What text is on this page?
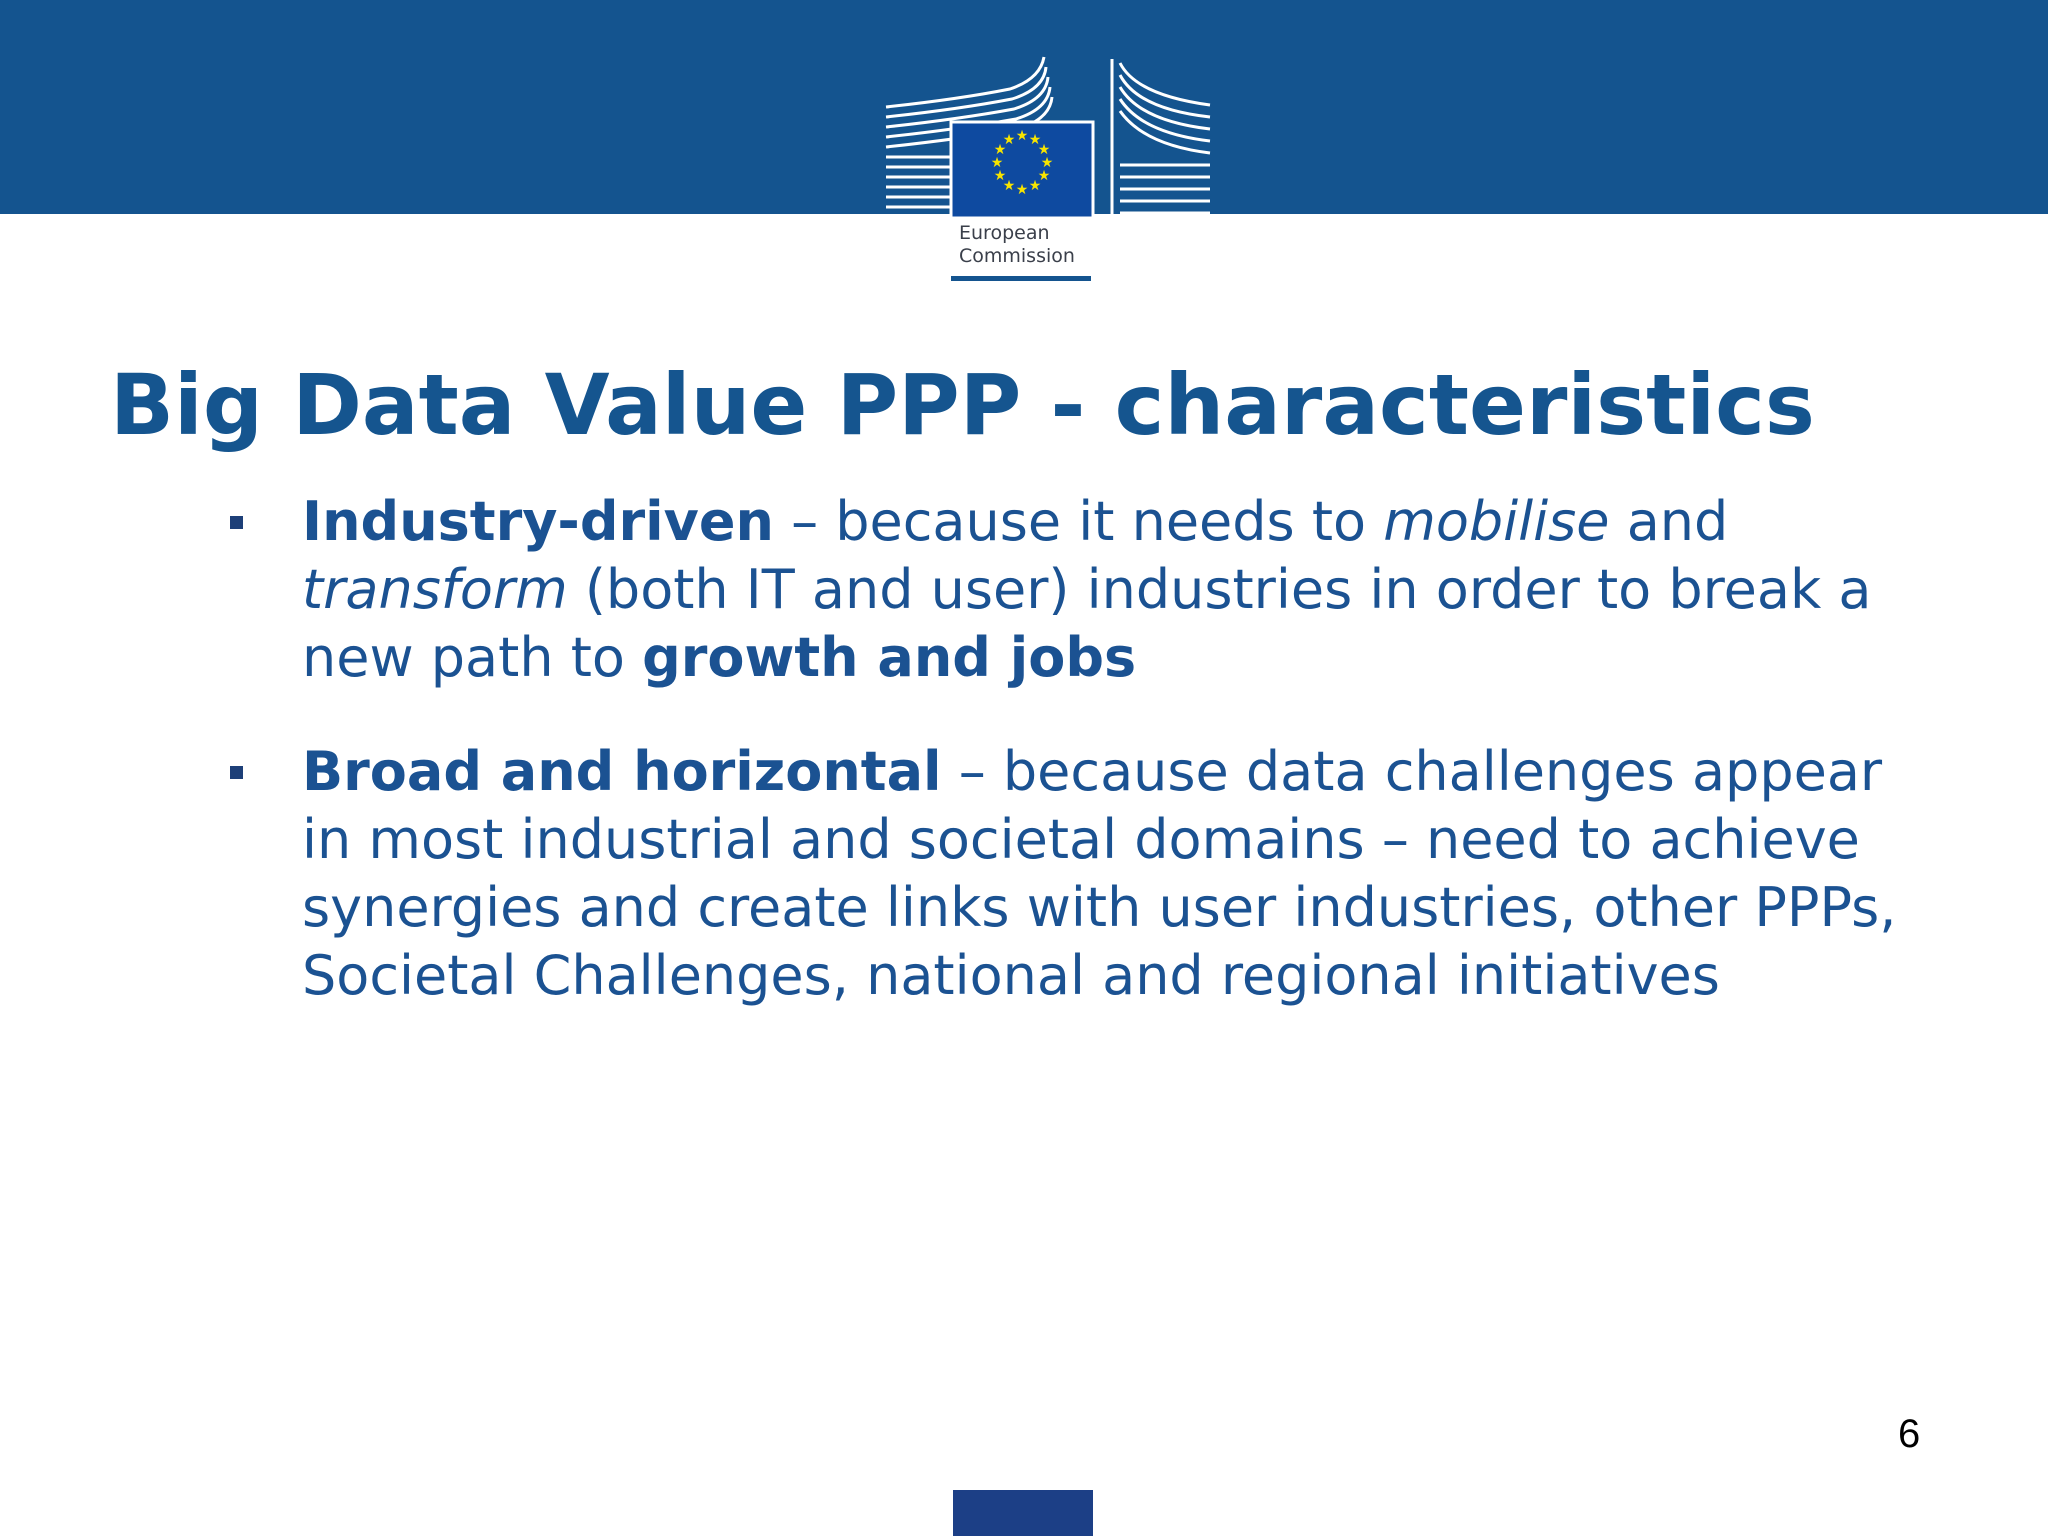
★ ★
★
★
★
★
★
★
★
★
★
★
European
Commission
Big Data Value PPP - characteristics
Industry-driven – because it needs to mobilise and
transform (both IT and user) industries in order to break a
new path to growth and jobs
Broad and horizontal – because data challenges appear
in most industrial and societal domains – need to achieve
synergies and create links with user industries, other PPPs,
Societal Challenges, national and regional initiatives
6
